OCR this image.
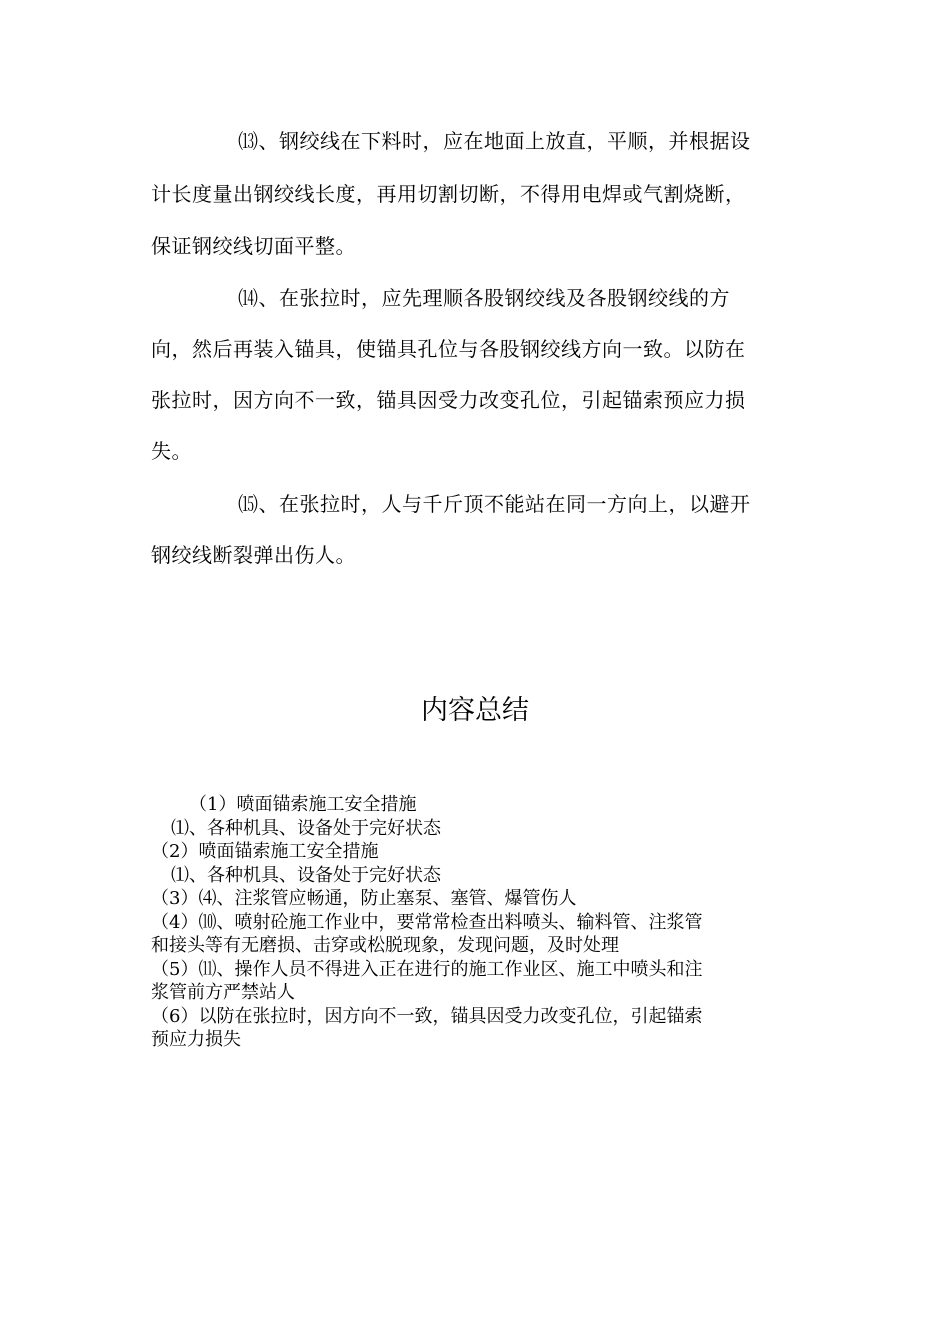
⒀、钢绞线在下料时，应在地面上放直，平顺，并根据设
计长度量出钢绞线长度，再用切割切断，不得用电焊或气割烧断，
保证钢绞线切面平整。
⒁、在张拉时，应先理顺各股钢绞线及各股钢绞线的方
向，然后再装入锚具，使锚具孔位与各股钢绞线方向一致。以防在
张拉时，因方向不一致，锚具因受力改变孔位，引起锚索预应力损
失。
⒂、在张拉时，人与千斤顶不能站在同一方向上，以避开
钢绞线断裂弹出伤人。
内容总结
（1）喷面锚索施工安全措施
⑴、各种机具、设备处于完好状态
（2）喷面锚索施工安全措施
⑴、各种机具、设备处于完好状态
（3）⑷、注浆管应畅通，防止塞泵、塞管、爆管伤人
（4）⑽、喷射砼施工作业中，要常常检查出料喷头、输料管、注浆管
和接头等有无磨损、击穿或松脱现象，发现问题，及时处理
（5）⑾、操作人员不得进入正在进行的施工作业区、施工中喷头和注
浆管前方严禁站人
（6）以防在张拉时，因方向不一致，锚具因受力改变孔位，引起锚索
预应力损失
